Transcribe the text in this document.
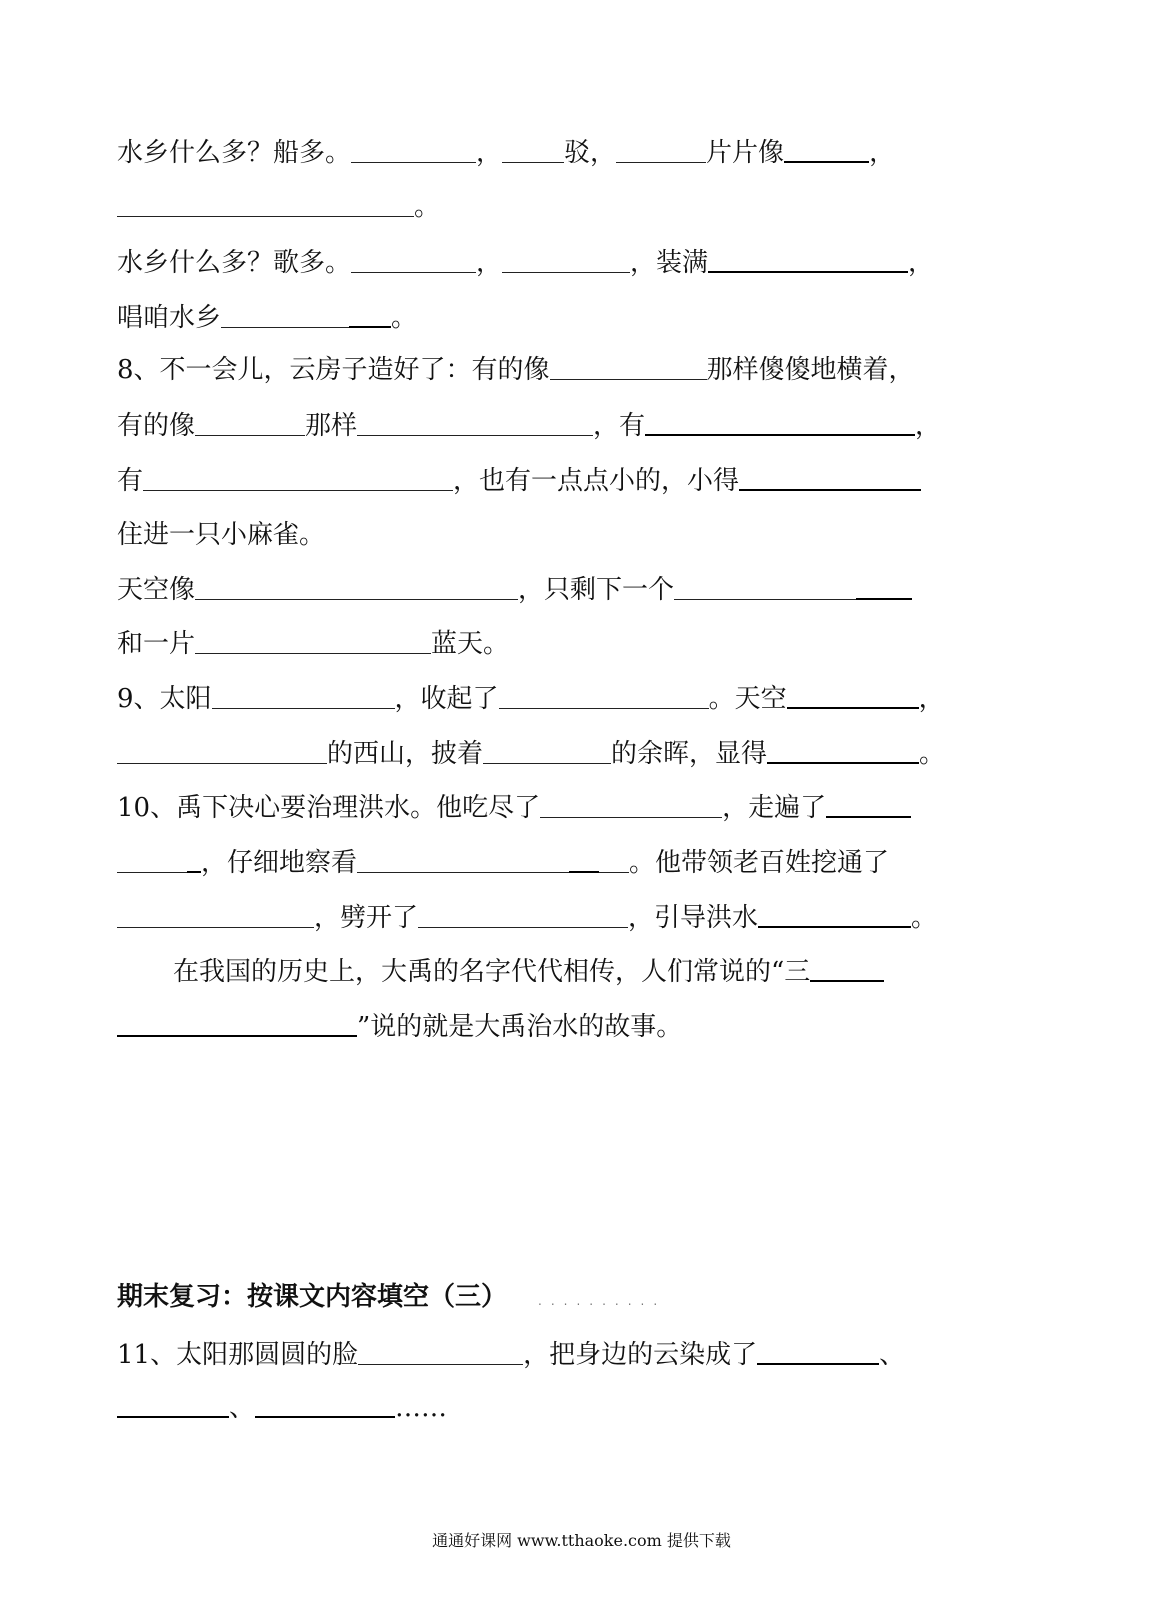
水乡什么多？船多。	， 驳，	片片像	，
。
水乡什么多？歌多。	，	，装满	，
唱咱水乡	。
8、不一会儿，云房子造好了：有的像	那样傻傻地横着，
有的像	那样	，有	，
有	，也有一点点小的，小得
住进一只小麻雀。
天空像	，只剩下一个
和一片	蓝天。
9、太阳	，收起了	。天空	，
的西山，披着	的余晖，显得	。
10、禹下决心要治理洪水。他吃尽了	，走遍了
，仔细地察看	。他带领老百姓挖通了
，劈开了	，引导洪水	。
在我国的历史上，大禹的名字代代相传，人们常说的“三
”说的就是大禹治水的故事。
11、太阳那圆圆的脸	，把身边的云染成了	、
、	……
期末复习：按课文内容填空（三）	..........
通通好课网 www.tthaoke.com 提供下载
